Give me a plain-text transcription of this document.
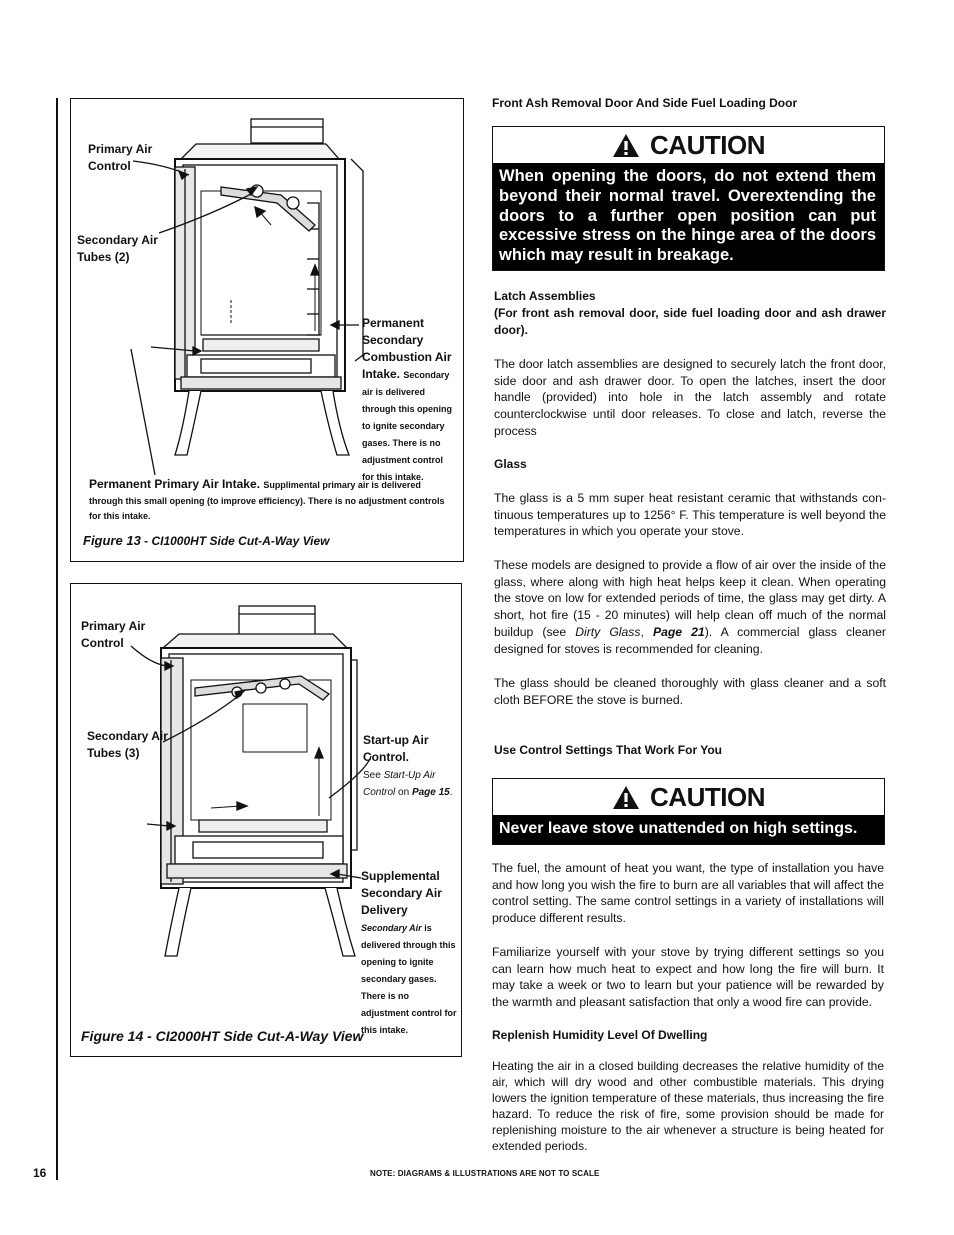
Primary Air Control
Secondary Air Tubes (2)
Permanent Secondary Combustion Air Intake. Secondary air is delivered through this opening to ignite secondary gases. There is no adjustment control for this intake.
Permanent Primary Air Intake. Supplimental primary air is delivered through this small opening (to improve efficiency). There is no adjustment controls for this intake.
Figure 13 - CI1000HT Side Cut-A-Way View
Primary Air Control
Secondary Air Tubes (3)
Start-up Air Control.
See Start-Up Air Control on Page 15.
Supplemental Secondary Air Delivery
Secondary Air is delivered through this opening to ignite secondary gases. There is no adjustment control for this intake.
Figure 14 - CI2000HT Side Cut-A-Way View
Front Ash Removal Door And Side Fuel Loading Door
CAUTION
When opening the doors, do not extend them beyond their normal travel. Overextending the doors to a further open position can put excessive stress on the hinge area of the doors which may result in breakage.
Latch Assemblies
(For front ash removal door, side fuel loading door and ash drawer door).
The door latch assemblies are designed to securely latch the front door, side door and ash drawer door. To open the latches, insert the door handle (provided) into hole in the latch assembly and rotate counterclockwise until door releases. To close and latch, reverse the process
Glass
The glass is a 5 mm super heat resistant ceramic that withstands con-tinuous temperatures up to 1256° F. This temperature is well beyond the temperatures in which you operate your stove.
These models are designed to provide a flow of air over the inside of the glass, where along with high heat helps keep it clean. When operating the stove on low for extended periods of time, the glass may get dirty. A short, hot fire (15 - 20 minutes) will help clean off much of the normal buildup (see Dirty Glass, Page 21). A commercial glass cleaner designed for stoves is recommended for cleaning.
The glass should be cleaned thoroughly with glass cleaner and a soft cloth BEFORE the stove is burned.
Use Control Settings That Work For You
CAUTION
Never leave stove unattended on high settings.
The fuel, the amount of heat you want, the type of installation you have and how long you wish the fire to burn are all variables that will affect the control setting. The same control settings in a variety of installations will produce different results.
Familiarize yourself with your stove by trying different settings so you can learn how much heat to expect and how long the fire will burn. It may take a week or two to learn but your patience will be rewarded by the warmth and pleasant satisfaction that only a wood fire can provide.
Replenish Humidity Level Of Dwelling
Heating the air in a closed building decreases the relative humidity of the air, which will dry wood and other combustible materials. This drying lowers the ignition temperature of these materials, thus increasing the fire hazard. To reduce the risk of fire, some provision should be made for replenishing moisture to the air whenever a structure is being heated for extended periods.
16	NOTE: DIAGRAMS & ILLUSTRATIONS ARE NOT TO SCALE
